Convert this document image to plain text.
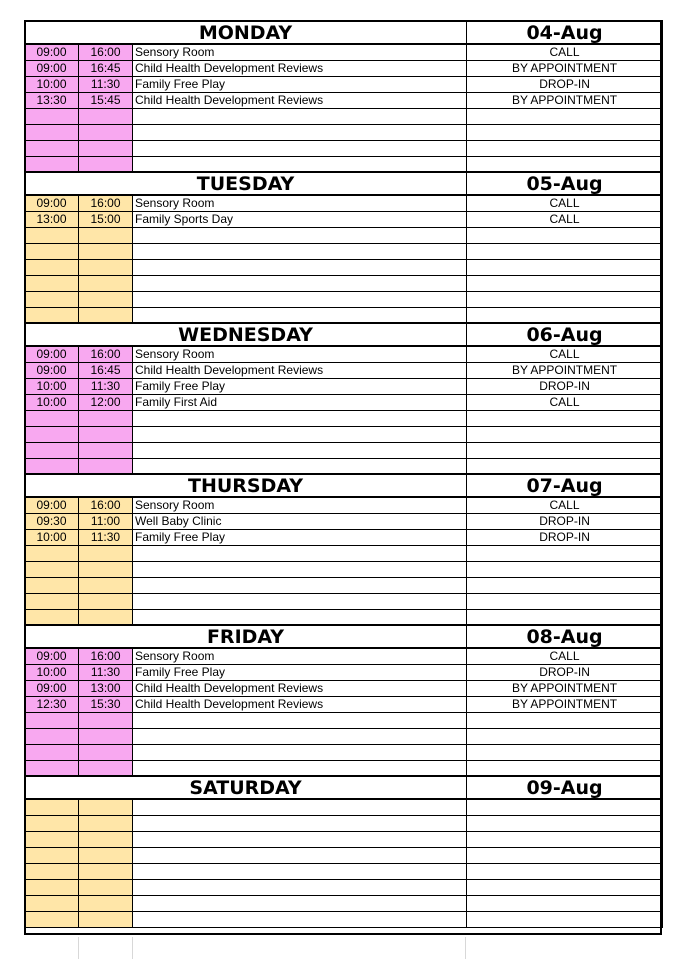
MONDAY			04-Aug
09:00	16:00	Sensory Room	CALL
09:00	16:45	Child Health Development Reviews	BY APPOINTMENT
10:00	11:30	Family Free Play	DROP-IN
13:30	15:45	Child Health Development Reviews	BY APPOINTMENT

TUESDAY			05-Aug
09:00	16:00	Sensory Room	CALL
13:00	15:00	Family Sports Day	CALL

WEDNESDAY			06-Aug
09:00	16:00	Sensory Room	CALL
09:00	16:45	Child Health Development Reviews	BY APPOINTMENT
10:00	11:30	Family Free Play	DROP-IN
10:00	12:00	Family First Aid	CALL

THURSDAY			07-Aug
09:00	16:00	Sensory Room	CALL
09:30	11:00	Well Baby Clinic	DROP-IN
10:00	11:30	Family Free Play	DROP-IN

FRIDAY			08-Aug
09:00	16:00	Sensory Room	CALL
10:00	11:30	Family Free Play	DROP-IN
09:00	13:00	Child Health Development Reviews	BY APPOINTMENT
12:30	15:30	Child Health Development Reviews	BY APPOINTMENT

SATURDAY			09-Aug
